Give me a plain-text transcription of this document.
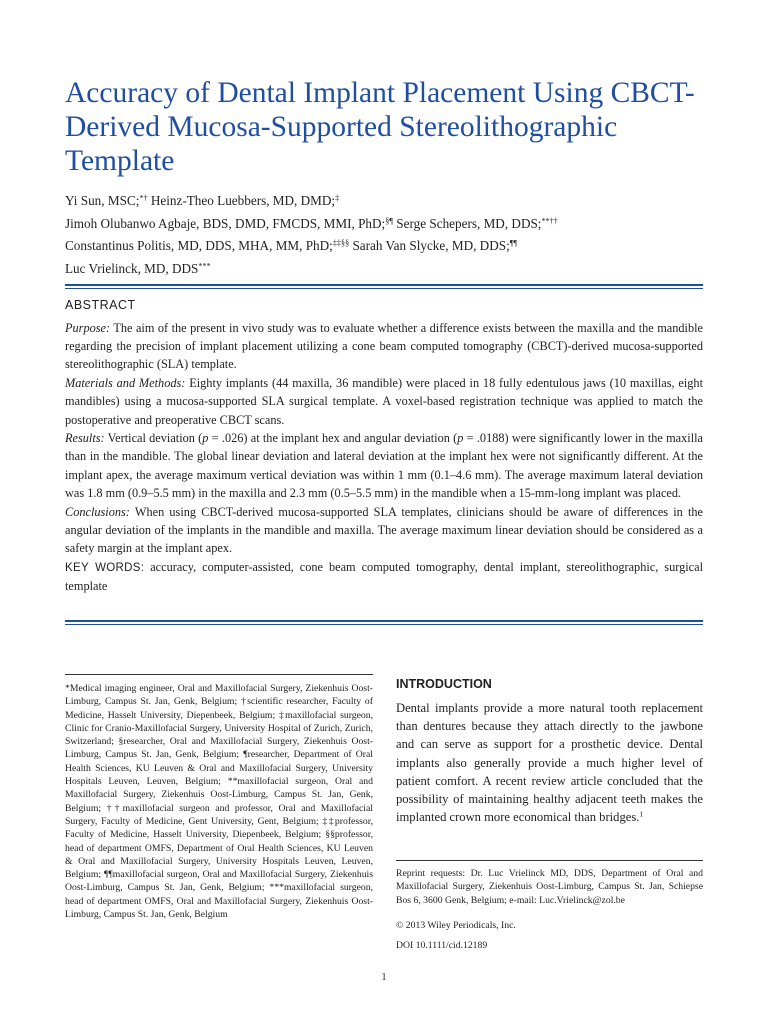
Accuracy of Dental Implant Placement Using CBCT-Derived Mucosa-Supported Stereolithographic Template
Yi Sun, MSC;*† Heinz-Theo Luebbers, MD, DMD;‡
Jimoh Olubanwo Agbaje, BDS, DMD, FMCDS, MMI, PhD;§¶ Serge Schepers, MD, DDS;**††
Constantinus Politis, MD, DDS, MHA, MM, PhD;‡‡§§ Sarah Van Slycke, MD, DDS;¶¶
Luc Vrielinck, MD, DDS***
ABSTRACT

Purpose: The aim of the present in vivo study was to evaluate whether a difference exists between the maxilla and the mandible regarding the precision of implant placement utilizing a cone beam computed tomography (CBCT)-derived mucosa-supported stereolithographic (SLA) template.

Materials and Methods: Eighty implants (44 maxilla, 36 mandible) were placed in 18 fully edentulous jaws (10 maxillas, eight mandibles) using a mucosa-supported SLA surgical template. A voxel-based registration technique was applied to match the postoperative and preoperative CBCT scans.

Results: Vertical deviation (p = .026) at the implant hex and angular deviation (p = .0188) were significantly lower in the maxilla than in the mandible. The global linear deviation and lateral deviation at the implant hex were not significantly different. At the implant apex, the average maximum vertical deviation was within 1 mm (0.1–4.6 mm). The average maximum lateral deviation was 1.8 mm (0.9–5.5 mm) in the maxilla and 2.3 mm (0.5–5.5 mm) in the mandible when a 15-mm-long implant was placed.

Conclusions: When using CBCT-derived mucosa-supported SLA templates, clinicians should be aware of differences in the angular deviation of the implants in the mandible and maxilla. The average maximum linear deviation should be considered as a safety margin at the implant apex.

KEY WORDS: accuracy, computer-assisted, cone beam computed tomography, dental implant, stereolithographic, surgical template

*Medical imaging engineer, Oral and Maxillofacial Surgery, Ziekenhuis Oost-Limburg, Campus St. Jan, Genk, Belgium; †scientific researcher, Faculty of Medicine, Hasselt University, Diepenbeek, Belgium; ‡maxillofacial surgeon, Clinic for Cranio-Maxillofacial Surgery, University Hospital of Zurich, Zurich, Switzerland; §researcher, Oral and Maxillofacial Surgery, Ziekenhuis Oost-Limburg, Campus St. Jan, Genk, Belgium; ¶researcher, Department of Oral Health Sciences, KU Leuven & Oral and Maxillofacial Surgery, University Hospitals Leuven, Leuven, Belgium; **maxillofacial surgeon, Oral and Maxillofacial Surgery, Ziekenhuis Oost-Limburg, Campus St. Jan, Genk, Belgium; ††maxillofacial surgeon and professor, Oral and Maxillofacial Surgery, Faculty of Medicine, Gent University, Gent, Belgium; ‡‡professor, Faculty of Medicine, Hasselt University, Diepenbeek, Belgium; §§professor, head of department OMFS, Department of Oral Health Sciences, KU Leuven & Oral and Maxillofacial Surgery, University Hospitals Leuven, Leuven, Belgium; ¶¶maxillofacial surgeon, Oral and Maxillofacial Surgery, Ziekenhuis Oost-Limburg, Campus St. Jan, Genk, Belgium; ***maxillofacial surgeon, head of department OMFS, Oral and Maxillofacial Surgery, Ziekenhuis Oost-Limburg, Campus St. Jan, Genk, Belgium
INTRODUCTION

Dental implants provide a more natural tooth replacement than dentures because they attach directly to the jawbone and can serve as support for a prosthetic device. Dental implants also generally provide a much higher level of patient comfort. A recent review article concluded that the possibility of maintaining healthy adjacent teeth makes the implanted crown more economical than bridges.$^1$

Reprint requests: Dr. Luc Vrielinck MD, DDS, Department of Oral and Maxillofacial Surgery, Ziekenhuis Oost-Limburg, Campus St. Jan, Schiepse Bos 6, 3600 Genk, Belgium; e-mail: Luc.Vrielinck@zol.be

© 2013 Wiley Periodicals, Inc.

DOI 10.1111/cid.12189

1
